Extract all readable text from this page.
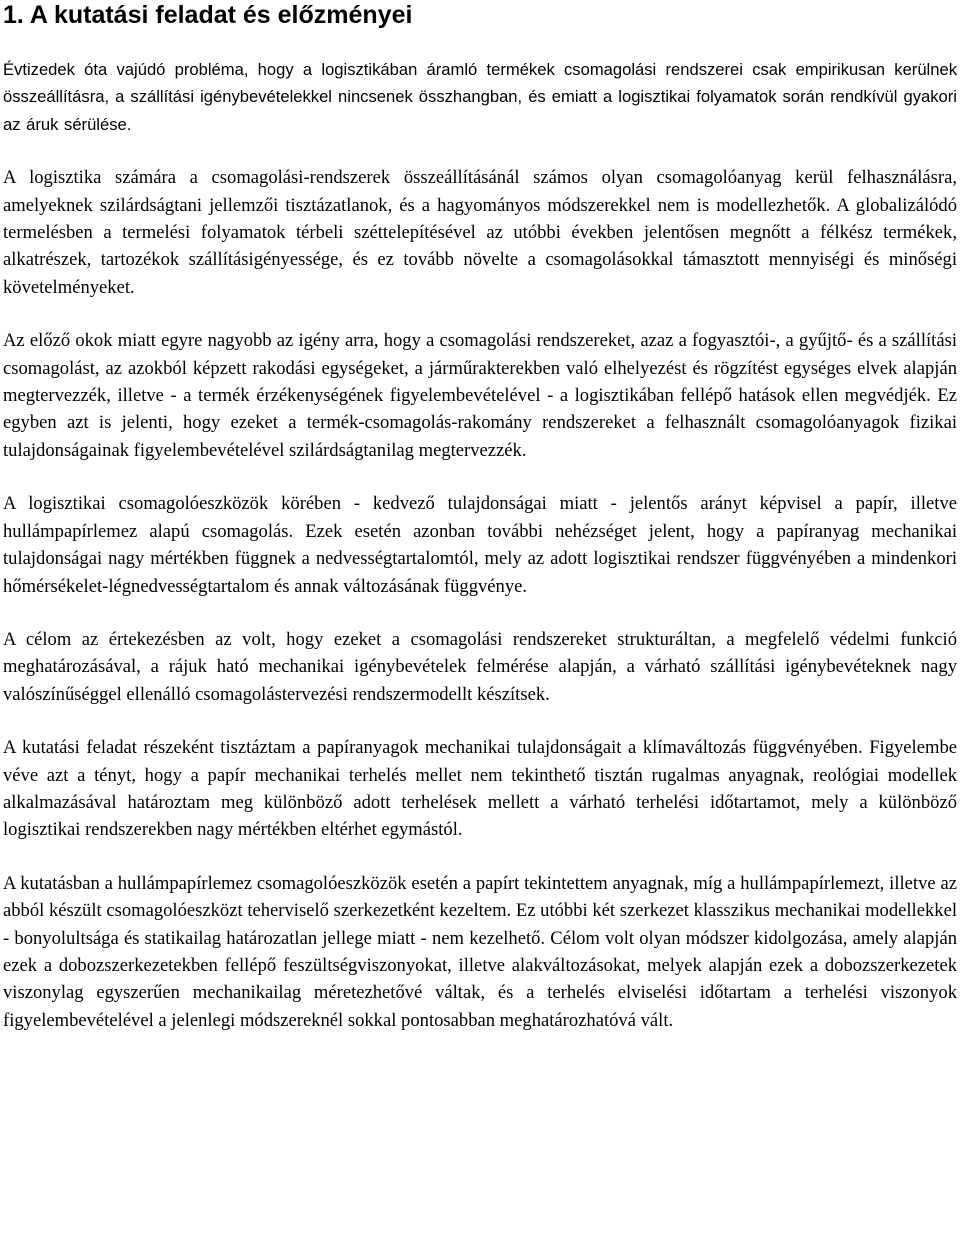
1. A kutatási feladat és előzményei

Évtizedek óta vajúdó probléma, hogy a logisztikában áramló termékek csomagolási rendszerei csak empirikusan kerülnek összeállításra, a szállítási igénybevételekkel nincsenek összhangban, és emiatt a logisztikai folyamatok során rendkívül gyakori az áruk sérülése.

A logisztika számára a csomagolási-rendszerek összeállításánál számos olyan csomagolóanyag kerül felhasználásra, amelyeknek szilárdságtani jellemzői tisztázatlanok, és a hagyományos módszerekkel nem is modellezhetők. A globalizálódó termelésben a termelési folyamatok térbeli széttelepítésével az utóbbi években jelentősen megnőtt a félkész termékek, alkatrészek, tartozékok szállításigényessége, és ez tovább növelte a csomagolásokkal támasztott mennyiségi és minőségi követelményeket.

Az előző okok miatt egyre nagyobb az igény arra, hogy a csomagolási rendszereket, azaz a fogyasztói-, a gyűjtő- és a szállítási csomagolást, az azokból képzett rakodási egységeket, a járműrakterekben való elhelyezést és rögzítést egységes elvek alapján megtervezzék, illetve - a termék érzékenységének figyelembevételével - a logisztikában fellépő hatások ellen megvédjék. Ez egyben azt is jelenti, hogy ezeket a termék-csomagolás-rakomány rendszereket a felhasznált csomagolóanyagok fizikai tulajdonságainak figyelembevételével szilárdságtanilag megtervezzék.

A logisztikai csomagolóeszközök körében - kedvező tulajdonságai miatt - jelentős arányt képvisel a papír, illetve hullámpapírlemez alapú csomagolás. Ezek esetén azonban további nehézséget jelent, hogy a papíranyag mechanikai tulajdonságai nagy mértékben függnek a nedvességtartalomtól, mely az adott logisztikai rendszer függvényében a mindenkori hőmérsékelet-légnedvességtartalom és annak változásának függvénye.

A célom az értekezésben az volt, hogy ezeket a csomagolási rendszereket strukturáltan, a megfelelő védelmi funkció meghatározásával, a rájuk ható mechanikai igénybevételek felmérése alapján, a várható szállítási igénybevéteknek nagy valószínűséggel ellenálló csomagolástervezési rendszermodellt készítsek.

A kutatási feladat részeként tisztáztam a papíranyagok mechanikai tulajdonságait a klímaváltozás függvényében. Figyelembe véve azt a tényt, hogy a papír mechanikai terhelés mellet nem tekinthető tisztán rugalmas anyagnak, reológiai modellek alkalmazásával határoztam meg különböző adott terhelések mellett a várható terhelési időtartamot, mely a különböző logisztikai rendszerekben nagy mértékben eltérhet egymástól.

A kutatásban a hullámpapírlemez csomagolóeszközök esetén a papírt tekintettem anyagnak, míg a hullámpapírlemezt, illetve az abból készült csomagolóeszközt teherviselő szerkezetként kezeltem. Ez utóbbi két szerkezet klasszikus mechanikai modellekkel - bonyolultsága és statikailag határozatlan jellege miatt - nem kezelhető. Célom volt olyan módszer kidolgozása, amely alapján ezek a dobozszerkezetekben fellépő feszültségviszonyokat, illetve alakváltozásokat, melyek alapján ezek a dobozszerkezetek viszonylag egyszerűen mechanikailag méretezhetővé váltak, és a terhelés elviselési időtartam a terhelési viszonyok figyelembevételével a jelenlegi módszereknél sokkal pontosabban meghatározhatóvá vált.
